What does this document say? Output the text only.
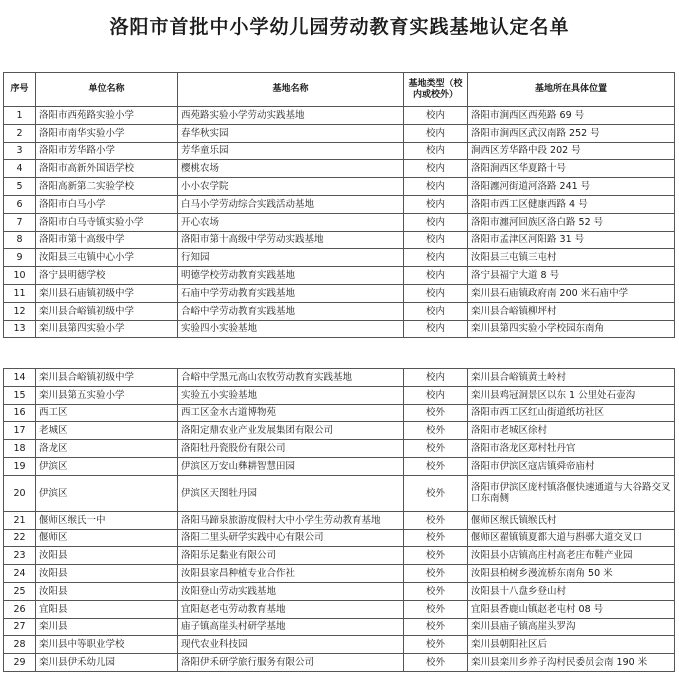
洛阳市首批中小学幼儿园劳动教育实践基地认定名单
序号	单位名称	基地名称	基地类型（校内或校外）	基地所在具体位置
1	洛阳市西苑路实验小学	西苑路实验小学劳动实践基地	校内	洛阳市涧西区西苑路 69 号
2	洛阳市南华实验小学	春华秋实园	校内	洛阳市涧西区武汉南路 252 号
3	洛阳市芳华路小学	芳华童乐园	校内	涧西区芳华路中段 202 号
4	洛阳市高新外国语学校	樱桃农场	校内	洛阳涧西区华夏路十号
5	洛阳高新第二实验学校	小小农学院	校内	洛阳瀍河街道河洛路 241 号
6	洛阳市白马小学	白马小学劳动综合实践活动基地	校内	洛阳市西工区健康西路 4 号
7	洛阳市白马寺镇实验小学	开心农场	校内	洛阳市瀍河回族区洛白路 52 号
8	洛阳市第十高级中学	洛阳市第十高级中学劳动实践基地	校内	洛阳市孟津区河阳路 31 号
9	汝阳县三屯镇中心小学	行知园	校内	汝阳县三屯镇三屯村
10	洛宁县明德学校	明德学校劳动教育实践基地	校内	洛宁县福宁大道 8 号
11	栾川县石庙镇初级中学	石庙中学劳动教育实践基地	校内	栾川县石庙镇政府南 200 米石庙中学
12	栾川县合峪镇初级中学	合峪中学劳动教育实践基地	校内	栾川县合峪镇柳坪村
13	栾川县第四实验小学	实验四小实验基地	校内	栾川县第四实验小学校园东南角
14	栾川县合峪镇初级中学	合峪中学黑元高山农牧劳动教育实践基地	校内	栾川县合峪镇黄土岭村
15	栾川县第五实验小学	实验五小实验基地	校内	栾川县鸡冠洞景区以东 1 公里处石壶沟
16	西工区	西工区金水古道博物苑	校外	洛阳市西工区红山街道纸坊社区
17	老城区	洛阳定鼎农业产业发展集团有限公司	校外	洛阳市老城区徐村
18	洛龙区	洛阳牡丹瓷股份有限公司	校外	洛阳市洛龙区郑村牡丹官
19	伊滨区	伊滨区万安山彝耕智慧田园	校外	洛阳市伊滨区寇店镇舜帝庙村
20	伊滨区	伊滨区天图牡丹园	校外	洛阳市伊滨区庞村镇洛偃快速通道与大谷路交叉口东南侧
21	偃师区缑氏一中	洛阳马蹄泉旅游度假村大中小学生劳动教育基地	校外	偃师区缑氏镇缑氏村
22	偃师区	洛阳二里头研学实践中心有限公司	校外	偃师区翟镇镇夏都大道与斟鄩大道交叉口
23	汝阳县	洛阳乐足黏业有限公司	校外	汝阳县小店镇高庄村高老庄布鞋产业园
24	汝阳县	汝阳县家昌种植专业合作社	校外	汝阳县柏树乡漫流桥东南角 50 米
25	汝阳县	汝阳登山劳动实践基地	校外	汝阳县十八盘乡登山村
26	宜阳县	宜阳赵老屯劳动教育基地	校外	宜阳县香鹿山镇赵老屯村 08 号
27	栾川县	庙子镇高崖头村研学基地	校外	栾川县庙子镇高崖头罗沟
28	栾川县中等职业学校	现代农业科技园	校外	栾川县朝阳社区后
29	栾川县伊禾幼儿园	洛阳伊禾研学旅行服务有限公司	校外	栾川县栾川乡养子沟村民委员会南 190 米
